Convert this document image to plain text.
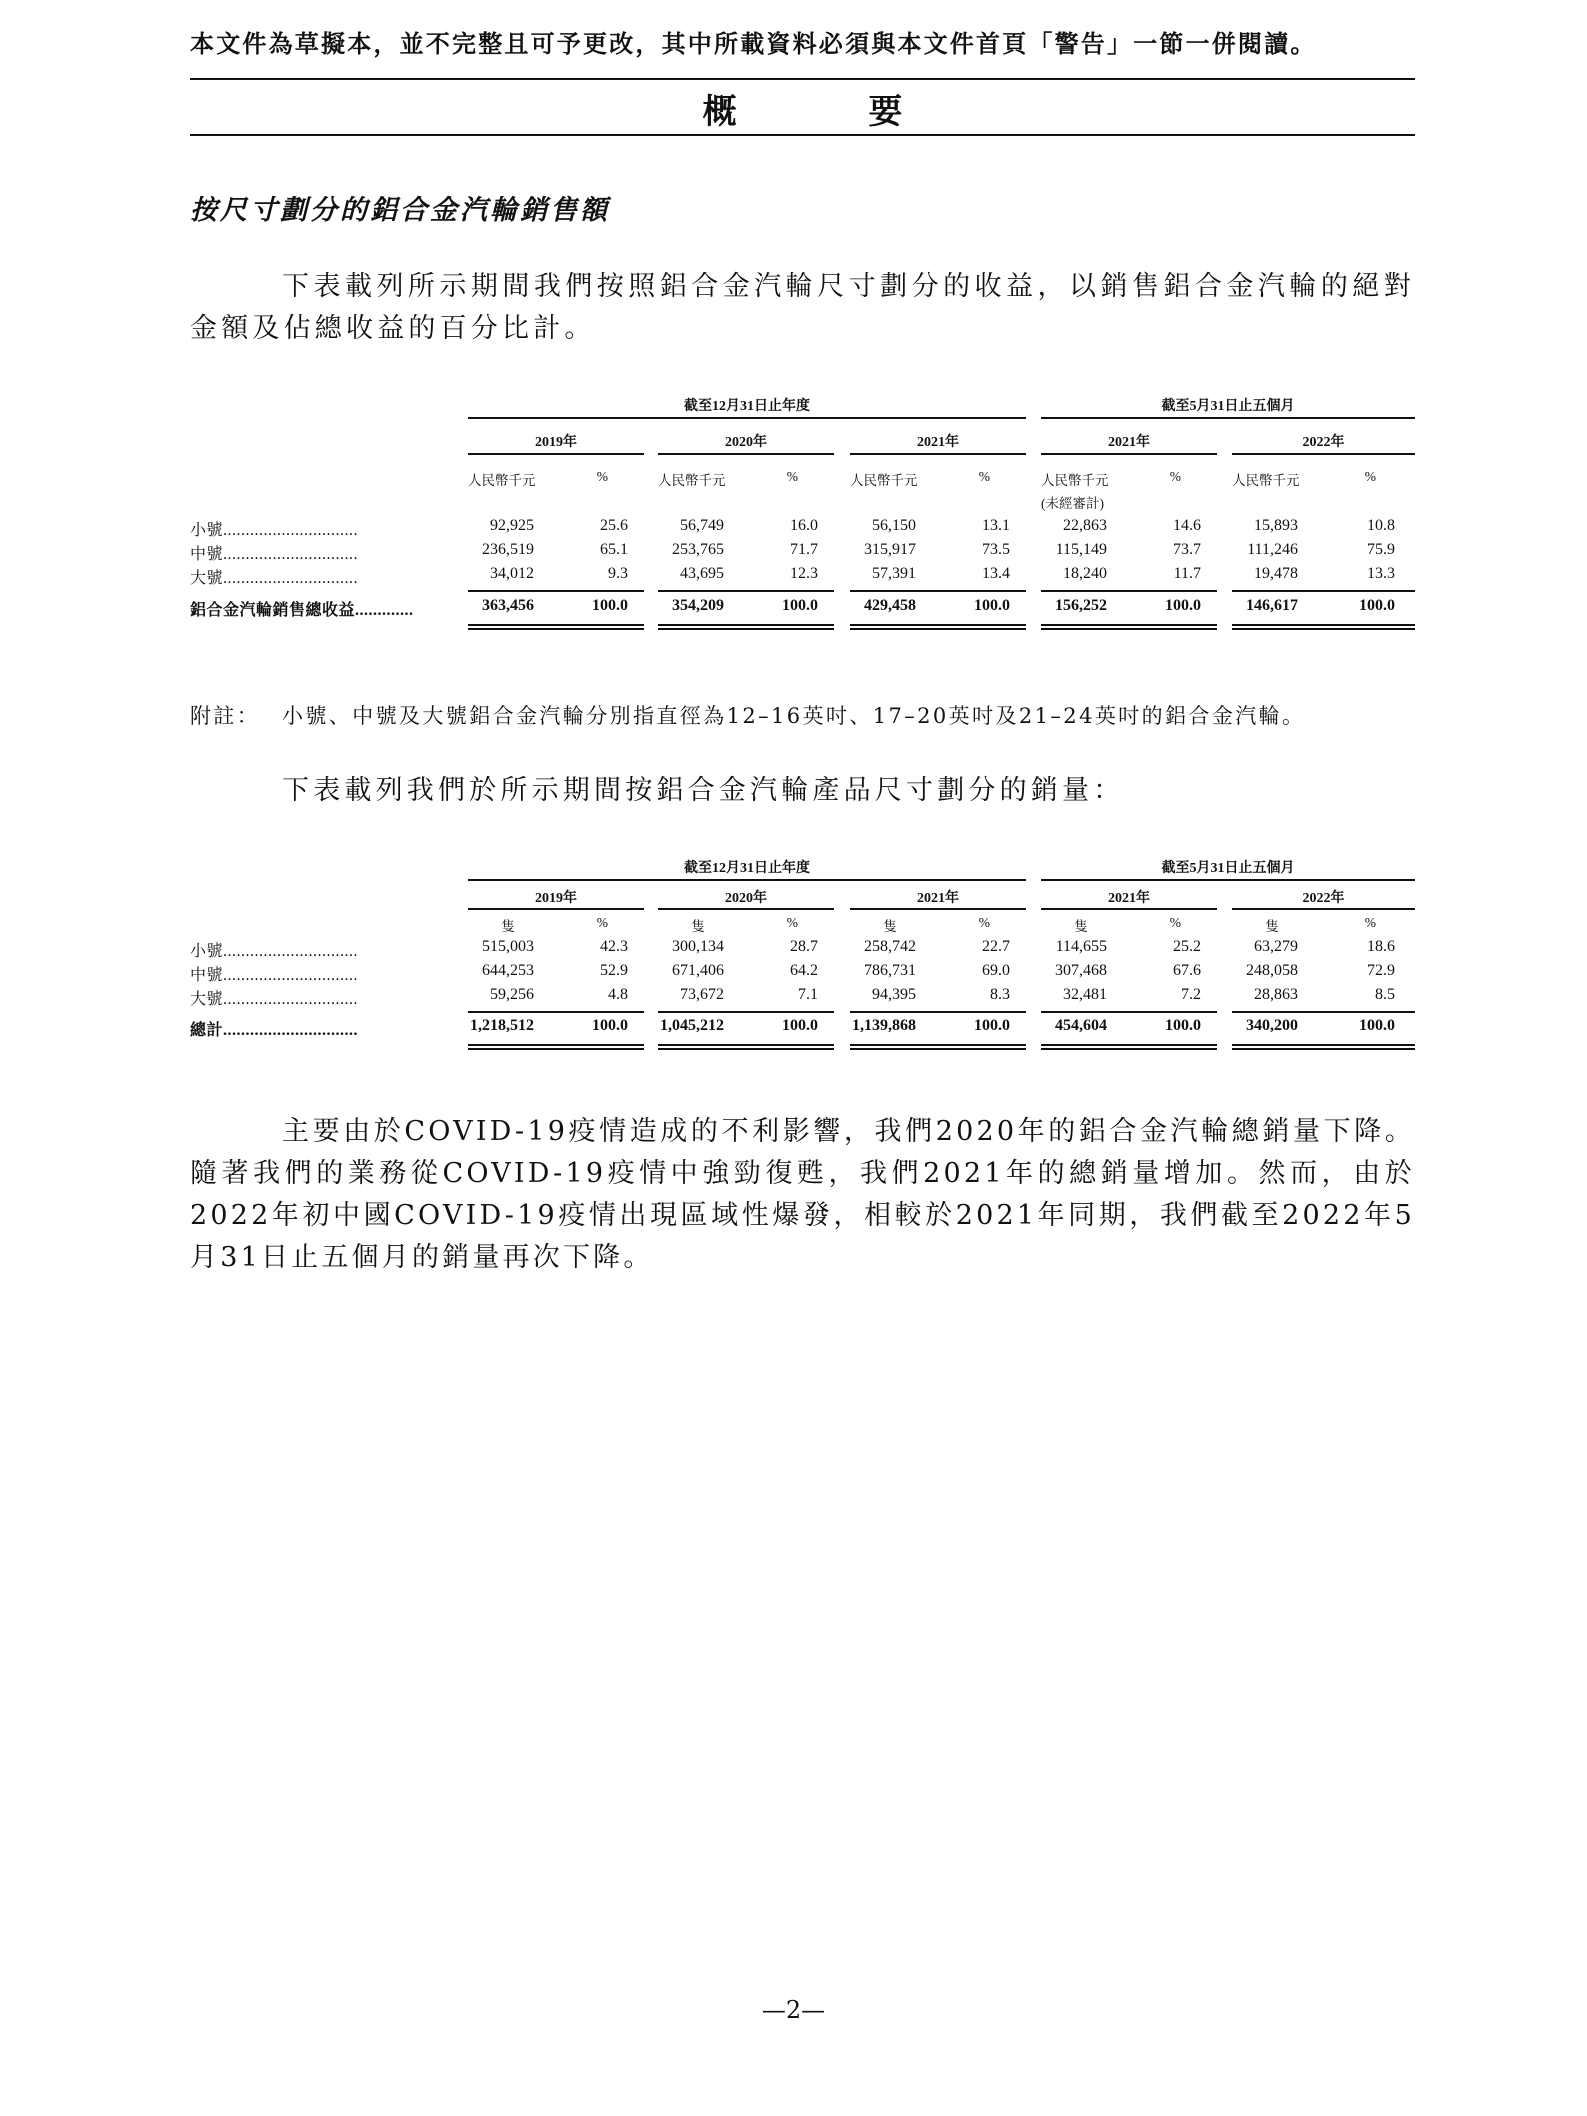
本文件為草擬本，並不完整且可予更改，其中所載資料必須與本文件首頁「警告」一節一併閱讀。
概 要
按尺寸劃分的鋁合金汽輪銷售額
下表載列所示期間我們按照鋁合金汽輪尺寸劃分的收益，以銷售鋁合金汽輪的絕對金額及佔總收益的百分比計。
截至12月31日止年度	截至5月31日止五個月
2019年	2020年	2021年	2021年	2022年
人民幣千元	%	人民幣千元	%	人民幣千元	%	人民幣千元	%	人民幣千元	%
(未經審計)
小號..............................	92,925	25.6	56,749	16.0	56,150	13.1	22,863	14.6	15,893	10.8
中號..............................	236,519	65.1	253,765	71.7	315,917	73.5	115,149	73.7	111,246	75.9
大號..............................	34,012	9.3	43,695	12.3	57,391	13.4	18,240	11.7	19,478	13.3
鋁合金汽輪銷售總收益.............	363,456	100.0	354,209	100.0	429,458	100.0	156,252	100.0	146,617	100.0
附註： 小號、中號及大號鋁合金汽輪分別指直徑為12–16英吋、17–20英吋及21–24英吋的鋁合金汽輪。
下表載列我們於所示期間按鋁合金汽輪產品尺寸劃分的銷量：
截至12月31日止年度	截至5月31日止五個月
2019年	2020年	2021年	2021年	2022年
隻	%	隻	%	隻	%	隻	%	隻	%
小號..............................	515,003	42.3	300,134	28.7	258,742	22.7	114,655	25.2	63,279	18.6
中號..............................	644,253	52.9	671,406	64.2	786,731	69.0	307,468	67.6	248,058	72.9
大號..............................	59,256	4.8	73,672	7.1	94,395	8.3	32,481	7.2	28,863	8.5
總計..............................	1,218,512	100.0	1,045,212	100.0	1,139,868	100.0	454,604	100.0	340,200	100.0
主要由於COVID-19疫情造成的不利影響，我們2020年的鋁合金汽輪總銷量下降。隨著我們的業務從COVID-19疫情中強勁復甦，我們2021年的總銷量增加。然而，由於2022年初中國COVID-19疫情出現區域性爆發，相較於2021年同期，我們截至2022年5月31日止五個月的銷量再次下降。
—2—
